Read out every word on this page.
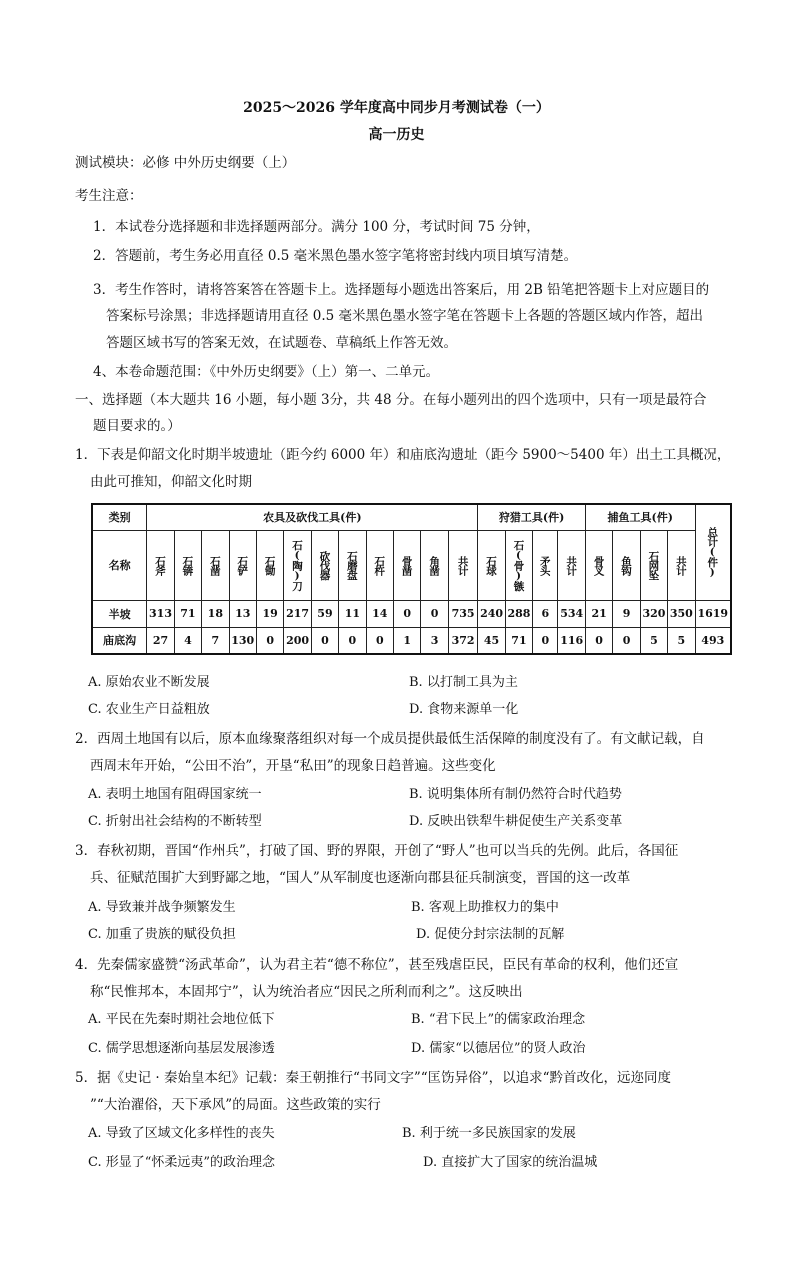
2025～2026 学年度高中同步月考测试卷（一）
高一历史
测试模块：必修 中外历史纲要（上）
考生注意：
1．本试卷分选择题和非选择题两部分。满分 100 分，考试时间 75 分钟，
2．答题前，考生务必用直径 0.5 毫米黑色墨水签字笔将密封线内项目填写清楚。
3．考生作答时，请将答案答在答题卡上。选择题每小题选出答案后，用 2B 铅笔把答题卡上对应题目的
答案标号涂黑；非选择题请用直径 0.5 毫米黑色墨水签字笔在答题卡上各题的答题区域内作答，超出
答题区域书写的答案无效，在试题卷、草稿纸上作答无效。
4、本卷命题范围：《中外历史纲要》（上）第一、二单元。
一、选择题（本大题共 16 小题，每小题 3分，共 48 分。在每小题列出的四个选项中，只有一项是最符合
题目要求的。）
1．下表是仰韶文化时期半坡遗址（距今约 6000 年）和庙底沟遗址（距今 5900～5400 年）出土工具概况，
由此可推知，仰韶文化时期
类别	农具及砍伐工具(件)												狩猎工具(件)				捕鱼工具(件)				总计(件)

名称	石斧	石锛	石凿	石铲	石锄	石(陶)刀	砍伐器	石磨盘	石杵	骨凿	角凿	共计	石球	石(骨)镞	矛头	共计	骨叉	鱼钩	石网坠	共计	

半坡	313	71	18	13	19	217	59	11	14	0	0	735	240	288	6	534	21	9	320	350	1619
庙底沟	27	4	7	130	0	200	0	0	0	1	3	372	45	71	0	116	0	0	5	5	493
A. 原始农业不断发展	B. 以打制工具为主
C. 农业生产日益粗放	D. 食物来源单一化
2．西周土地国有以后，原本血缘聚落组织对每一个成员提供最低生活保障的制度没有了。有文献记载，自
西周末年开始，“公田不治”，开垦“私田”的现象日趋普遍。这些变化
A. 表明土地国有阻碍国家统一	B. 说明集体所有制仍然符合时代趋势
C. 折射出社会结构的不断转型	D. 反映出铁犁牛耕促使生产关系变革
3．春秋初期，晋国“作州兵”，打破了国、野的界限，开创了“野人”也可以当兵的先例。此后，各国征
兵、征赋范围扩大到野鄙之地，“国人”从军制度也逐渐向郡县征兵制演变，晋国的这一改革
A. 导致兼并战争频繁发生	B. 客观上助推权力的集中
C. 加重了贵族的赋役负担	D. 促使分封宗法制的瓦解
4．先秦儒家盛赞“汤武革命”，认为君主若“德不称位”，甚至残虐臣民，臣民有革命的权利，他们还宣
称“民惟邦本，本固邦宁”，认为统治者应“因民之所利而利之”。这反映出
A. 平民在先秦时期社会地位低下	B. “君下民上”的儒家政治理念
C. 儒学思想逐渐向基层发展渗透	D. 儒家“以德居位”的贤人政治
5．据《史记 · 秦始皇本纪》记载：秦王朝推行“书同文字”“匡饬异俗”，以追求“黔首改化，远迩同度
”“大治濯俗，天下承风”的局面。这些政策的实行
A. 导致了区域文化多样性的丧失	B. 利于统一多民族国家的发展
C. 形显了“怀柔远夷”的政治理念	D. 直接扩大了国家的统治温城
